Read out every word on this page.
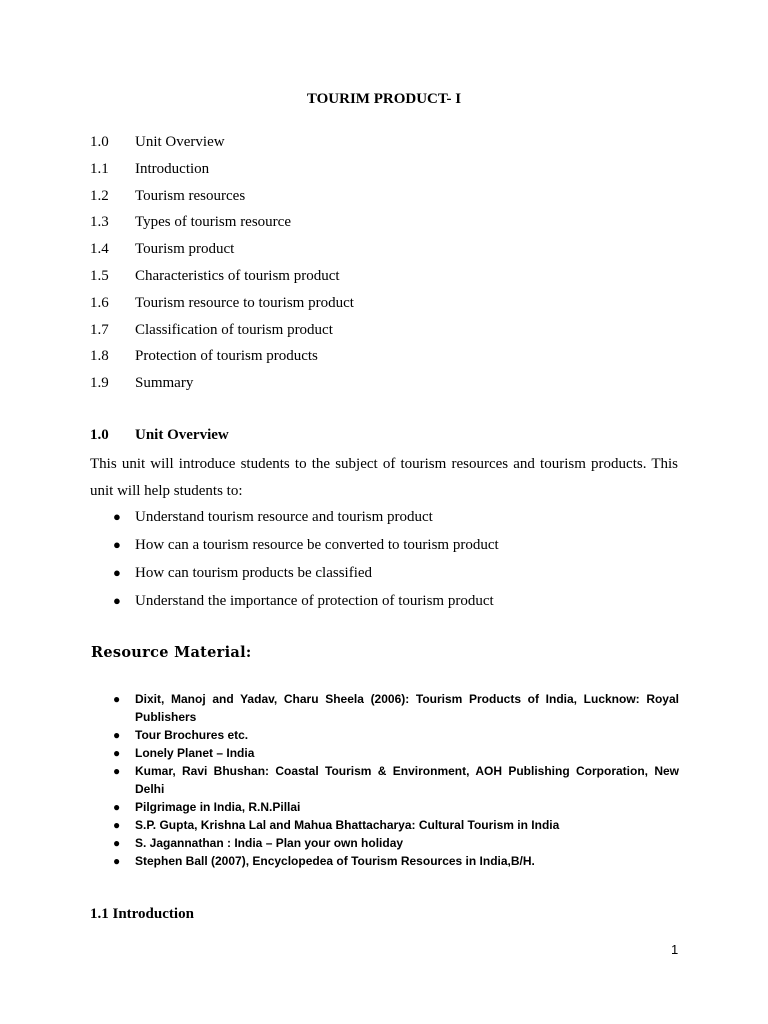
TOURIM PRODUCT- I
1.0	Unit Overview
1.1	Introduction
1.2	Tourism resources
1.3	Types of tourism resource
1.4	Tourism product
1.5	Characteristics of tourism product
1.6	Tourism resource to tourism product
1.7	Classification of tourism product
1.8	Protection of tourism products
1.9	Summary
1.0	Unit Overview

This unit will introduce students to the subject of tourism resources and tourism products. This unit will help students to:

● Understand tourism resource and tourism product
● How can a tourism resource be converted to tourism product
● How can tourism products be classified
● Understand the importance of protection of tourism product
Resource Material:
●	Dixit, Manoj and Yadav, Charu Sheela (2006): Tourism Products of India, Lucknow: Royal Publishers
●	Tour Brochures etc.
●	Lonely Planet – India
●	Kumar, Ravi Bhushan: Coastal Tourism & Environment, AOH Publishing Corporation, New Delhi
●	Pilgrimage in India, R.N.Pillai
●	S.P. Gupta, Krishna Lal and Mahua Bhattacharya: Cultural Tourism in India
●	S. Jagannathan : India – Plan your own holiday
●	Stephen Ball (2007), Encyclopedea of Tourism Resources in India,B/H.
1.1 Introduction
1
